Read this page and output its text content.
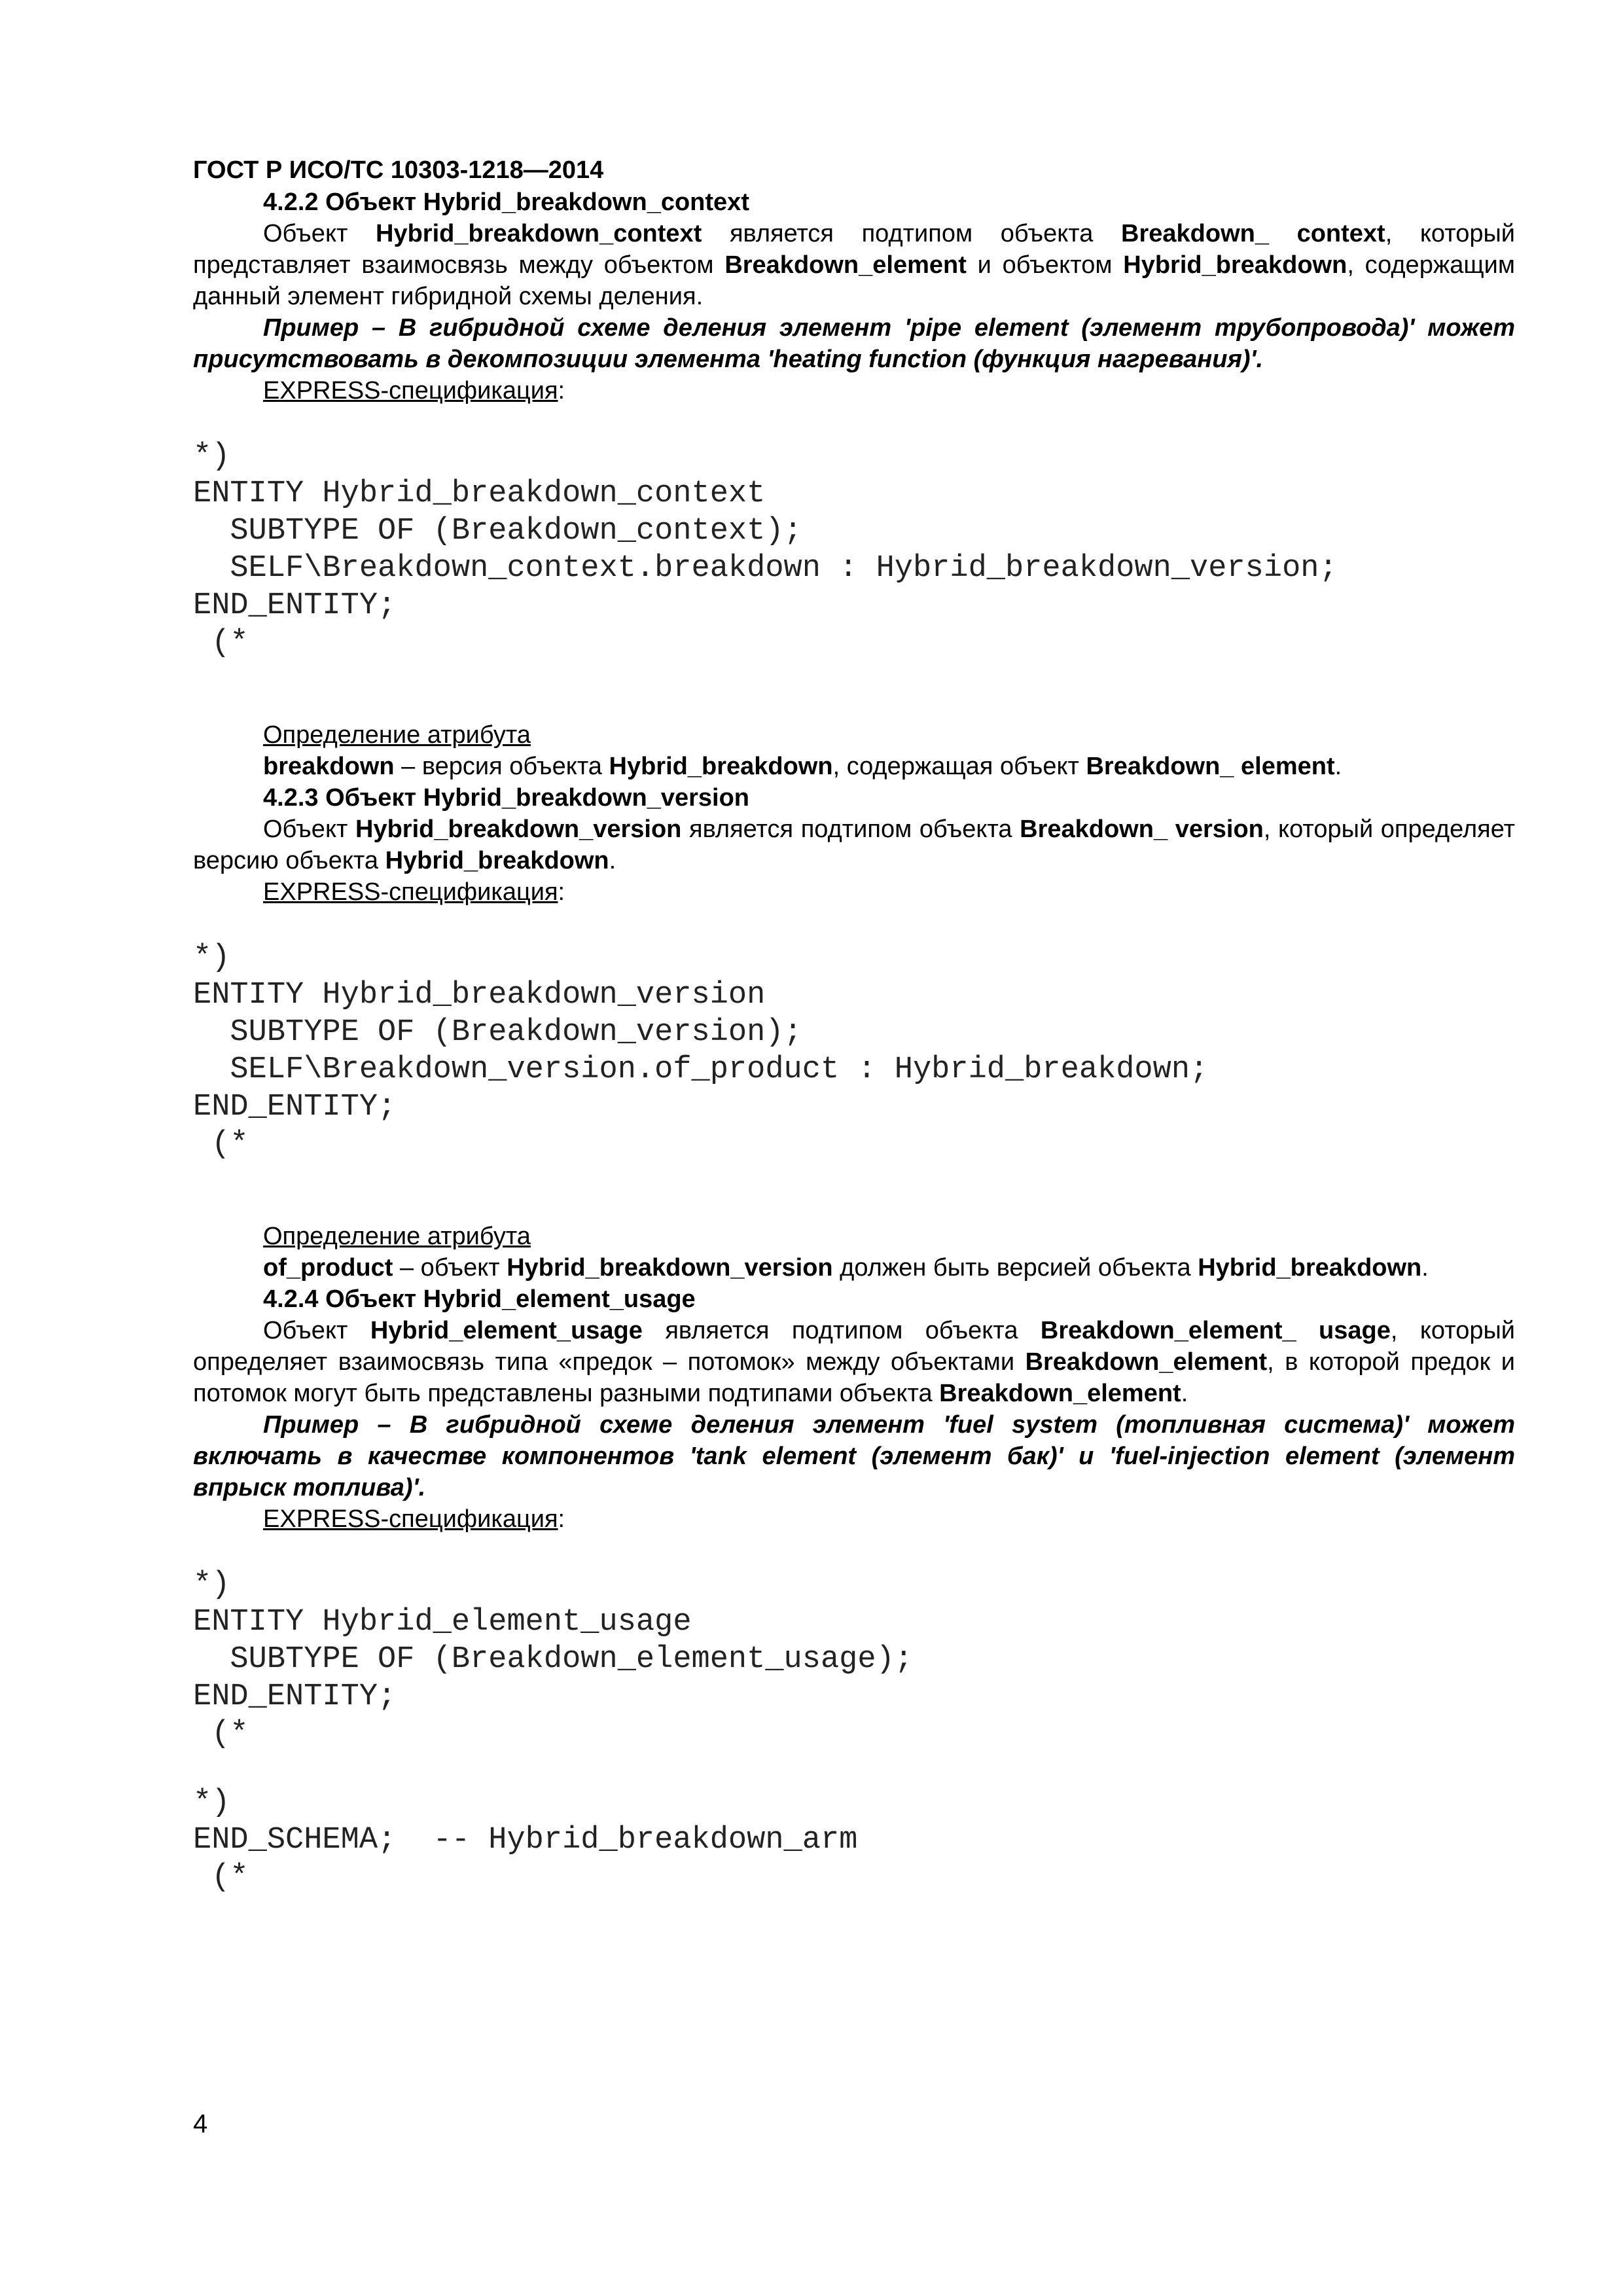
ГОСТ Р ИСО/ТС 10303-1218—2014
4.2.2 Объект Hybrid_breakdown_context

Объект Hybrid_breakdown_context является подтипом объекта Breakdown_ context, который представляет взаимосвязь между объектом Breakdown_element и объектом Hybrid_breakdown, содержащим данный элемент гибридной схемы деления.

Пример – В гибридной схеме деления элемент 'pipe element (элемент трубопровода)' может присутствовать в декомпозиции элемента 'heating function (функция нагревания)'.

EXPRESS-спецификация:
*)
ENTITY Hybrid_breakdown_context
SUBTYPE OF (Breakdown_context);
SELF\Breakdown_context.breakdown : Hybrid_breakdown_version;
END_ENTITY;
(*
Определение атрибута

breakdown – версия объекта Hybrid_breakdown, содержащая объект Breakdown_ element.

4.2.3 Объект Hybrid_breakdown_version

Объект Hybrid_breakdown_version является подтипом объекта Breakdown_ version, который определяет версию объекта Hybrid_breakdown.

EXPRESS-спецификация:
*)
ENTITY Hybrid_breakdown_version
SUBTYPE OF (Breakdown_version);
SELF\Breakdown_version.of_product : Hybrid_breakdown;
END_ENTITY;
(*
Определение атрибута

of_product – объект Hybrid_breakdown_version должен быть версией объекта Hybrid_breakdown.

4.2.4 Объект Hybrid_element_usage

Объект Hybrid_element_usage является подтипом объекта Breakdown_element_ usage, который определяет взаимосвязь типа «предок – потомок» между объектами Breakdown_element, в которой предок и потомок могут быть представлены разными подтипами объекта Breakdown_element.

Пример – В гибридной схеме деления элемент 'fuel system (топливная система)' может включать в качестве компонентов 'tank element (элемент бак)' и 'fuel-injection element (элемент впрыск топлива)'.

EXPRESS-спецификация:
*)
ENTITY Hybrid_element_usage
SUBTYPE OF (Breakdown_element_usage);
END_ENTITY;
(*
*)
END_SCHEMA;  -- Hybrid_breakdown_arm
(*
4
